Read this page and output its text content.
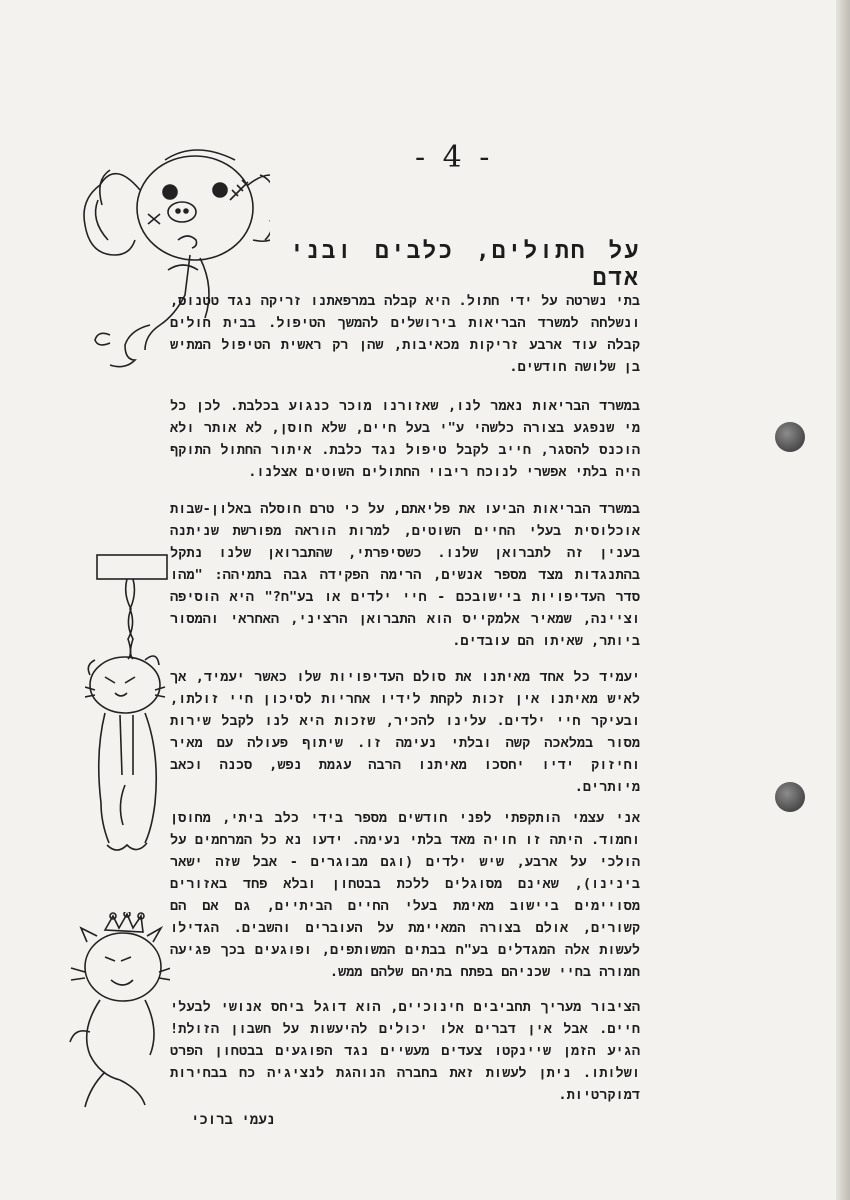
- 4 -
על חתולים, כלבים ובני אדם
בתי נשרטה על ידי חתול. היא קבלה במרפאתנו זריקה נגד טטנוס, ונשלחה למשרד הבריאות בירושלים להמשך הטיפול. בבית חולים קבלה עוד ארבע זריקות מכאיבות, שהן רק ראשית הטיפול המתיש בן שלושה חודשים.
במשרד הבריאות נאמר לנו, שאזורנו מוכר כנגוע בכלבת. לכן כל מי שנפגע בצורה כלשהי ע"י בעל חיים, שלא חוסן, לא אותר ולא הוכנס להסגר, חייב לקבל טיפול נגד כלבת. איתור החתול התוקף היה בלתי אפשרי לנוכח ריבוי החתולים השוטים אצלנו.
במשרד הבריאות הביעו את פליאתם, על כי טרם חוסלה באלון-שבות אוכלוסית בעלי החיים השוטים, למרות הוראה מפורשת שניתנה בענין זה לתברואן שלנו. כשסיפרתי, שהתברואן שלנו נתקל בהתנגדות מצד מספר אנשים, הרימה הפקידה גבה בתמיהה: "מהו סדר העדיפויות ביישובכם - חיי ילדים או בע"ח?" היא הוסיפה וציינה, שמאיר אלמקייס הוא התברואן הרציני, האחראי והמסור ביותר, שאיתו הם עובדים.
יעמיד כל אחד מאיתנו את סולם העדיפויות שלו כאשר יעמיד, אך לאיש מאיתנו אין זכות לקחת לידיו אחריות לסיכון חיי זולתו, ובעיקר חיי ילדים. עלינו להכיר, שזכות היא לנו לקבל שירות מסור במלאכה קשה ובלתי נעימה זו. שיתוף פעולה עם מאיר וחיזוק ידיו יחסכו מאיתנו הרבה עגמת נפש, סכנה וכאב מיותרים.
אני עצמי הותקפתי לפני חודשים מספר בידי כלב ביתי, מחוסן וחמוד. היתה זו חויה מאד בלתי נעימה. ידעו נא כל המרחמים על הולכי על ארבע, שיש ילדים (וגם מבוגרים - אבל שזה ישאר בינינו), שאינם מסוגלים ללכת בבטחון ובלא פחד באזורים מסויימים ביישוב מאימת בעלי החיים הביתיים, גם אם הם קשורים, אולם בצורה המאיימת על העוברים והשבים. הגדילו לעשות אלה המגדלים בע"ח בבתים המשותפים, ופוגעים בכך פגיעה חמורה בחיי שכניהם בפתח בתיהם שלהם ממש.
הציבור מעריך תחביבים חינוכיים, הוא דוגל ביחס אנושי לבעלי חיים. אבל אין דברים אלו יכולים להיעשות על חשבון הזולת! הגיע הזמן שיינקטו צעדים מעשיים נגד הפוגעים בבטחון הפרט ושלותו. ניתן לעשות זאת בחברה הנוהגת לנציגיה כח בבחירות דמוקרטיות.
נעמי ברוכי
